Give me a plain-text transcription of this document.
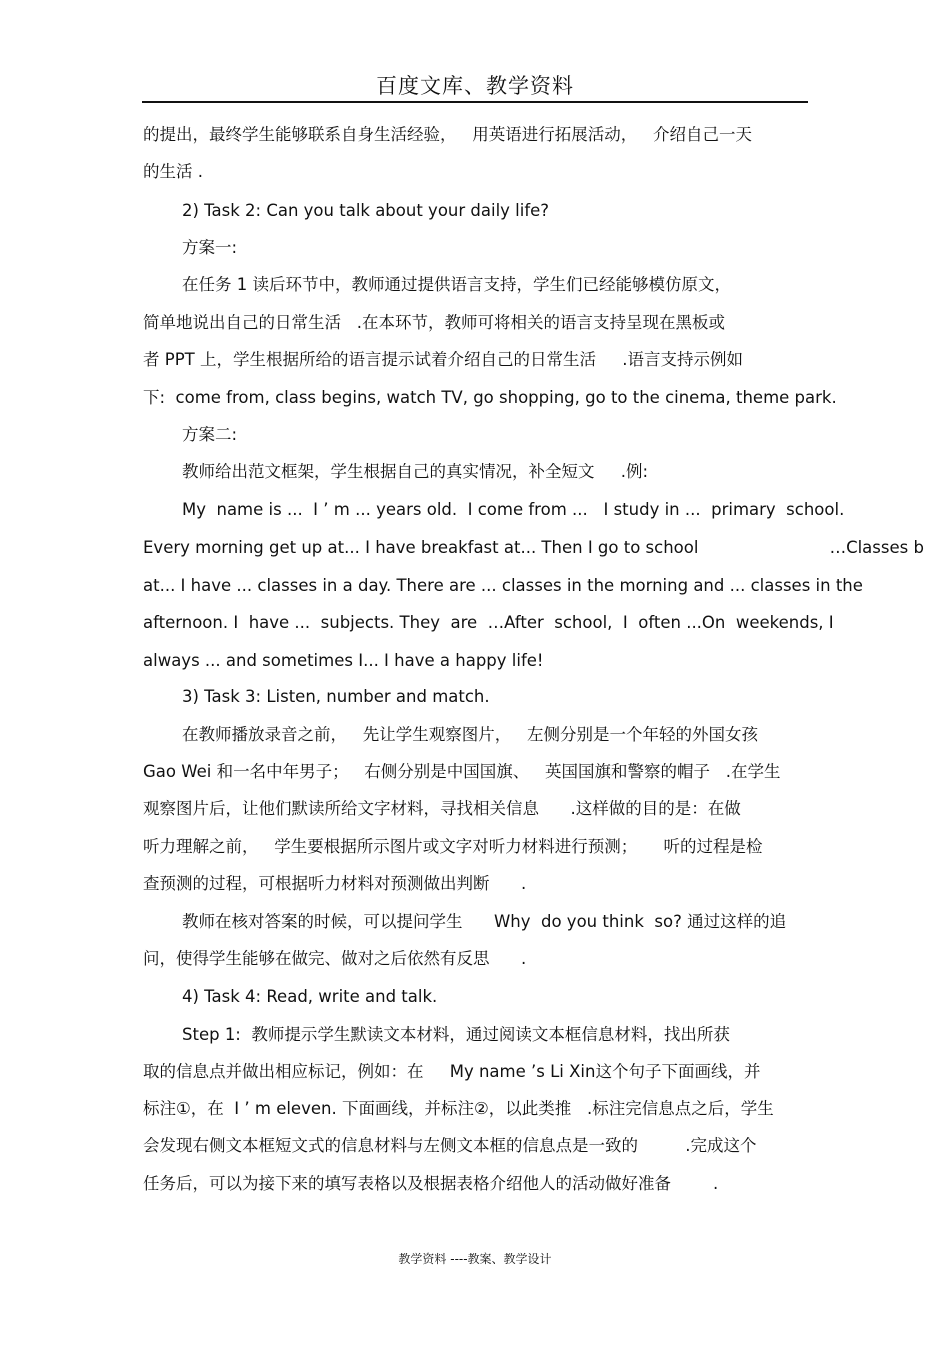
百度文库、教学资料
的提出，最终学生能够联系自身生活经验，   用英语进行拓展活动，   介绍自己一天
的生活 .
2) Task 2: Can you talk about your daily life?
方案一:
在任务 1 读后环节中，教师通过提供语言支持，学生们已经能够模仿原文，
简单地说出自己的日常生活   .在本环节，教师可将相关的语言支持呈现在黑板或
者 PPT 上，学生根据所给的语言提示试着介绍自己的日常生活     .语言支持示例如
下:  come from, class begins, watch TV, go shopping, go to the cinema, theme park.
方案二:
教师给出范文框架，学生根据自己的真实情况，补全短文     .例:
My  name is ...  I ’ m ... years old.  I come from ...   I study in ...  primary  school.
Every morning get up at... I have breakfast at... Then I go to school                         …Classes b
at... I have ... classes in a day. There are ... classes in the morning and ... classes in the
afternoon. I  have ...  subjects. They  are  …After  school,  I  often ...On  weekends, I
always ... and sometimes I... I have a happy life!
3) Task 3: Listen, number and match.
在教师播放录音之前，   先让学生观察图片，   左侧分别是一个年轻的外国女孩
Gao Wei 和一名中年男子；   右侧分别是中国国旗、   英国国旗和警察的帽子   .在学生
观察图片后，让他们默读所给文字材料，寻找相关信息      .这样做的目的是：在做
听力理解之前，   学生要根据所示图片或文字对听力材料进行预测；     听的过程是检
查预测的过程，可根据听力材料对预测做出判断      .
教师在核对答案的时候，可以提问学生      Why  do you think  so? 通过这样的追
问，使得学生能够在做完、做对之后依然有反思      .
4) Task 4: Read, write and talk.
Step 1:  教师提示学生默读文本材料，通过阅读文本框信息材料，找出所获
取的信息点并做出相应标记，例如：在     My name ’s Li Xin这个句子下面画线，并
标注①，在  I ’ m eleven. 下面画线，并标注②，以此类推   .标注完信息点之后，学生
会发现右侧文本框短文式的信息材料与左侧文本框的信息点是一致的         .完成这个
任务后，可以为接下来的填写表格以及根据表格介绍他人的活动做好准备        .
教学资料 ----教案、教学设计
